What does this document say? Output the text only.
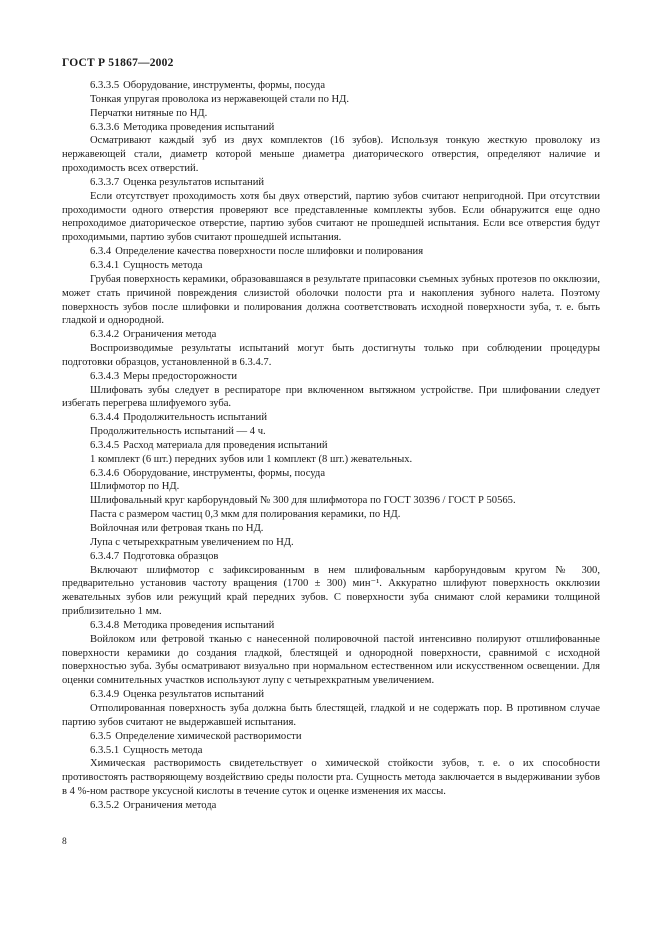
ГОСТ Р 51867—2002

6.3.3.5 Оборудование, инструменты, формы, посуда

Тонкая упругая проволока из нержавеющей стали по НД.

Перчатки нитяные по НД.

6.3.3.6 Методика проведения испытаний

Осматривают каждый зуб из двух комплектов (16 зубов). Используя тонкую жесткую проволоку из нержавеющей стали, диаметр которой меньше диаметра диаторического отверстия, определяют наличие и проходимость всех отверстий.

6.3.3.7 Оценка результатов испытаний

Если отсутствует проходимость хотя бы двух отверстий, партию зубов считают непригодной. При отсутствии проходимости одного отверстия проверяют все представленные комплекты зубов. Если обнаружится еще одно непроходимое диаторическое отверстие, партию зубов считают не прошедшей испытания. Если все отверстия будут проходимыми, партию зубов считают прошедшей испытания.

6.3.4 Определение качества поверхности после шлифовки и полирования

6.3.4.1 Сущность метода

Грубая поверхность керамики, образовавшаяся в результате припасовки съемных зубных протезов по окклюзии, может стать причиной повреждения слизистой оболочки полости рта и накопления зубного налета. Поэтому поверхность зубов после шлифовки и полирования должна соответствовать исходной поверхности зуба, т. е. быть гладкой и однородной.

6.3.4.2 Ограничения метода

Воспроизводимые результаты испытаний могут быть достигнуты только при соблюдении процедуры подготовки образцов, установленной в 6.3.4.7.

6.3.4.3 Меры предосторожности

Шлифовать зубы следует в респираторе при включенном вытяжном устройстве. При шлифовании следует избегать перегрева шлифуемого зуба.

6.3.4.4 Продолжительность испытаний

Продолжительность испытаний — 4 ч.

6.3.4.5 Расход материала для проведения испытаний

1 комплект (6 шт.) передних зубов или 1 комплект (8 шт.) жевательных.

6.3.4.6 Оборудование, инструменты, формы, посуда

Шлифмотор по НД.

Шлифовальный круг карборундовый № 300 для шлифмотора по ГОСТ 30396 / ГОСТ Р 50565.

Паста с размером частиц 0,3 мкм для полирования керамики, по НД.

Войлочная или фетровая ткань по НД.

Лупа с четырехкратным увеличением по НД.

6.3.4.7 Подготовка образцов

Включают шлифмотор с зафиксированным в нем шлифовальным карборундовым кругом № 300, предварительно установив частоту вращения (1700 ± 300) мин⁻¹. Аккуратно шлифуют поверхность окклюзии жевательных зубов или режущий край передних зубов. С поверхности зуба снимают слой керамики толщиной приблизительно 1 мм.

6.3.4.8 Методика проведения испытаний

Войлоком или фетровой тканью с нанесенной полировочной пастой интенсивно полируют отшлифованные поверхности керамики до создания гладкой, блестящей и однородной поверхности, сравнимой с исходной поверхностью зуба. Зубы осматривают визуально при нормальном естественном или искусственном освещении. Для оценки сомнительных участков используют лупу с четырехкратным увеличением.

6.3.4.9 Оценка результатов испытаний

Отполированная поверхность зуба должна быть блестящей, гладкой и не содержать пор. В противном случае партию зубов считают не выдержавшей испытания.

6.3.5 Определение химической растворимости

6.3.5.1 Сущность метода

Химическая растворимость свидетельствует о химической стойкости зубов, т. е. о их способности противостоять растворяющему воздействию среды полости рта. Сущность метода заключается в выдерживании зубов в 4 %-ном растворе уксусной кислоты в течение суток и оценке изменения их массы.

6.3.5.2 Ограничения метода

8
